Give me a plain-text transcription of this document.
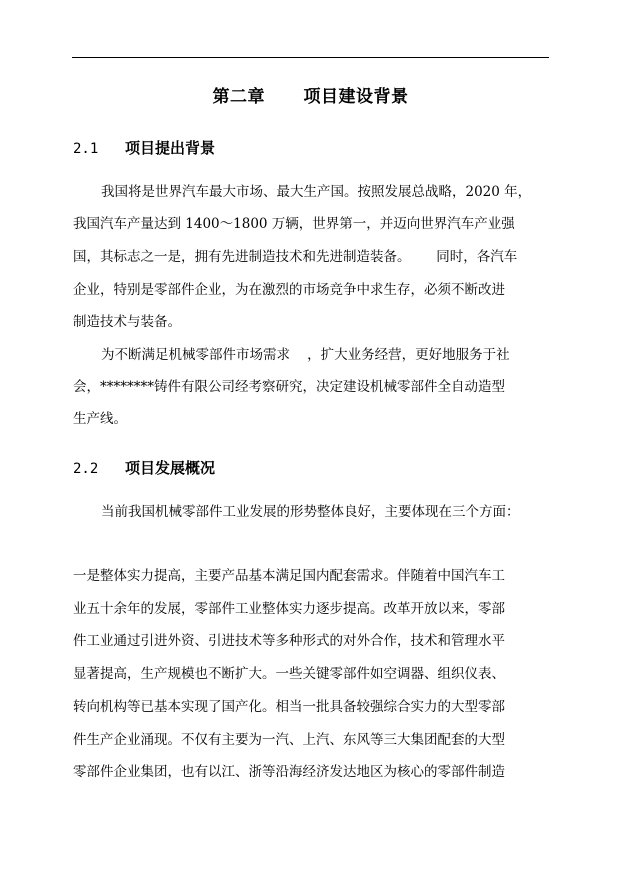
第二章      项目建设背景
2.1 项目提出背景
我国将是世界汽车最大市场、最大生产国。按照发展总战略，2020 年，
我国汽车产量达到 1400～1800 万辆，世界第一，并迈向世界汽车产业强
国，其标志之一是，拥有先进制造技术和先进制造装备。      同时，各汽车
企业，特别是零部件企业，为在激烈的市场竞争中求生存，必须不断改进
制造技术与装备。
为不断满足机械零部件市场需求    ，扩大业务经营，更好地服务于社
会，********铸件有限公司经考察研究，决定建设机械零部件全自动造型
生产线。
2.2 项目发展概况
当前我国机械零部件工业发展的形势整体良好，主要体现在三个方面：
一是整体实力提高，主要产品基本满足国内配套需求。伴随着中国汽车工
业五十余年的发展，零部件工业整体实力逐步提高。改革开放以来，零部
件工业通过引进外资、引进技术等多种形式的对外合作，技术和管理水平
显著提高，生产规模也不断扩大。一些关键零部件如空调器、组织仪表、
转向机构等已基本实现了国产化。相当一批具备较强综合实力的大型零部
件生产企业涌现。不仅有主要为一汽、上汽、东风等三大集团配套的大型
零部件企业集团，也有以江、浙等沿海经济发达地区为核心的零部件制造
